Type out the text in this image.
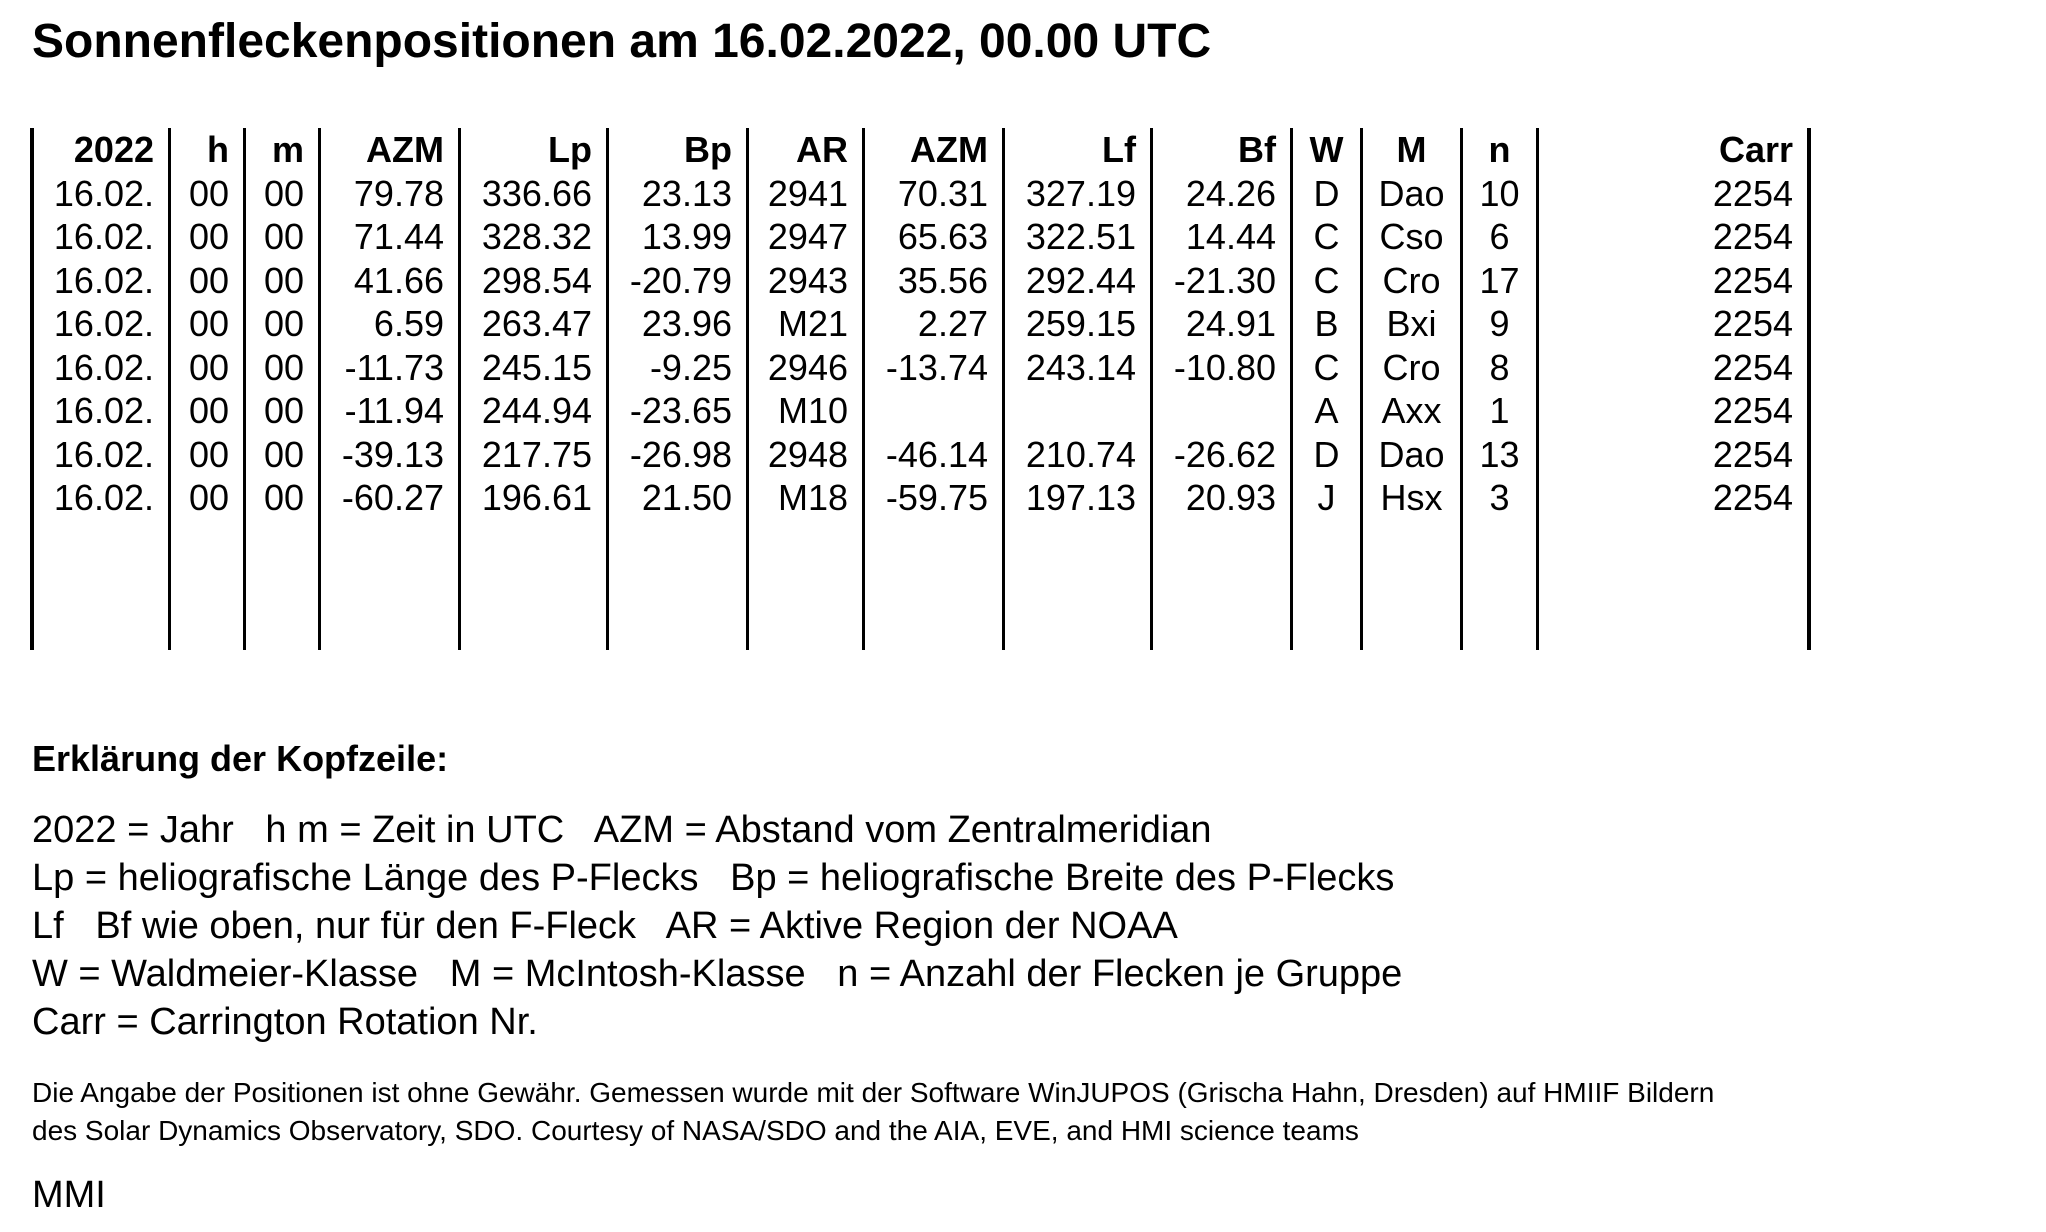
Sonnenfleckenpositionen am 16.02.2022, 00.00 UTC
2022
16.02.
16.02.
16.02.
16.02.
16.02.
16.02.
16.02.
16.02.
h
00
00
00
00
00
00
00
00
m
00
00
00
00
00
00
00
00
AZM
79.78
71.44
41.66
6.59
-11.73
-11.94
-39.13
-60.27
Lp
336.66
328.32
298.54
263.47
245.15
244.94
217.75
196.61
Bp
23.13
13.99
-20.79
23.96
-9.25
-23.65
-26.98
21.50
AR
2941
2947
2943
M21
2946
M10
2948
M18
AZM
70.31
65.63
35.56
2.27
-13.74
-46.14
-59.75
Lf
327.19
322.51
292.44
259.15
243.14
210.74
197.13
Bf
24.26
14.44
-21.30
24.91
-10.80
-26.62
20.93
W
D
C
C
B
C
A
D
J
M
Dao
Cso
Cro
Bxi
Cro
Axx
Dao
Hsx
n
10
6
17
9
8
1
13
3
Carr
2254
2254
2254
2254
2254
2254
2254
2254
Erklärung der Kopfzeile:
2022 = Jahr   h m = Zeit in UTC   AZM = Abstand vom Zentralmeridian
Lp = heliografische Länge des P-Flecks   Bp = heliografische Breite des P-Flecks
Lf   Bf wie oben, nur für den F-Fleck   AR = Aktive Region der NOAA
W = Waldmeier-Klasse   M = McIntosh-Klasse   n = Anzahl der Flecken je Gruppe
Carr = Carrington Rotation Nr.
Die Angabe der Positionen ist ohne Gewähr. Gemessen wurde mit der Software WinJUPOS (Grischa Hahn, Dresden) auf HMIIF Bildern
des Solar Dynamics Observatory, SDO. Courtesy of NASA/SDO and the AIA, EVE, and HMI science teams
MMI
